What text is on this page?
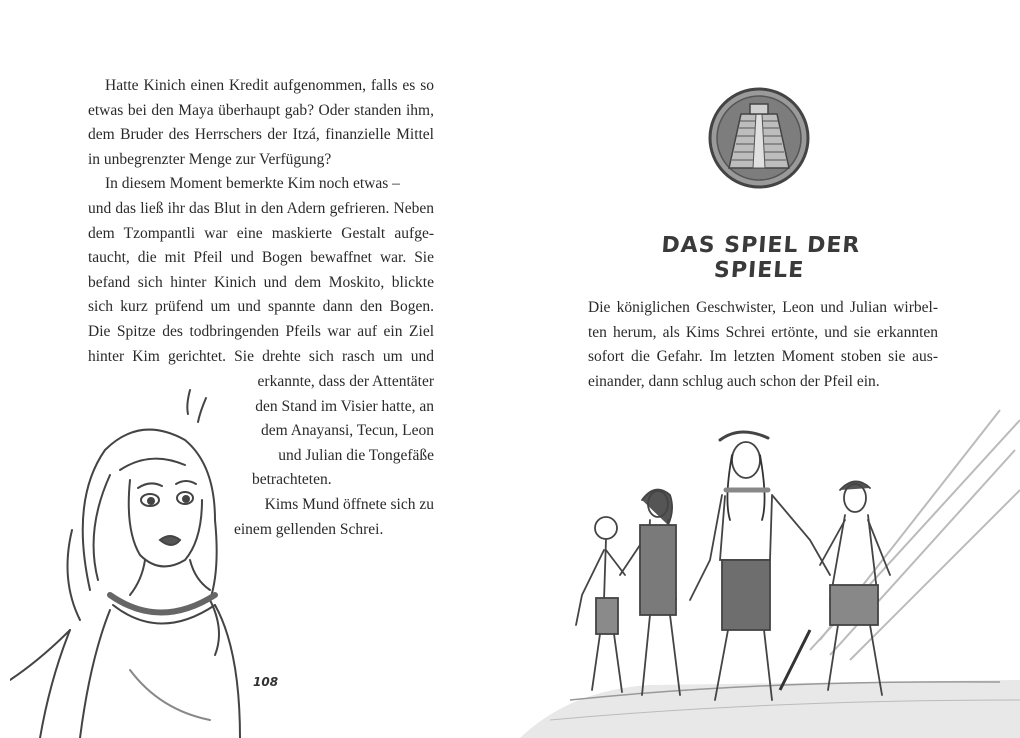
Hatte Kinich einen Kredit aufgenommen, falls es so etwas bei den Maya überhaupt gab? Oder standen ihm, dem Bruder des Herrschers der Itzá, finanzielle Mittel in unbegrenzter Menge zur Verfügung?

In diesem Moment bemerkte Kim noch etwas –
und das ließ ihr das Blut in den Adern gefrieren. Neben
dem Tzompantli war eine maskierte Gestalt aufge-
taucht, die mit Pfeil und Bogen bewaffnet war. Sie
befand sich hinter Kinich und dem Moskito, blickte
sich kurz prüfend um und spannte dann den Bogen.
Die Spitze des todbringenden Pfeils war auf ein Ziel
hinter Kim gerichtet. Sie drehte sich rasch um und
erkannte, dass der Attentäter
den Stand im Visier hatte, an
dem Anayansi, Tecun, Leon
und Julian die Tongefäße
betrachteten.
Kims Mund öffnete sich zu
einem gellenden Schrei.
108
DAS SPIEL DER SPIELE
Die königlichen Geschwister, Leon und Julian wirbel-
ten herum, als Kims Schrei ertönte, und sie erkannten
sofort die Gefahr. Im letzten Moment stoben sie aus-
einander, dann schlug auch schon der Pfeil ein.
